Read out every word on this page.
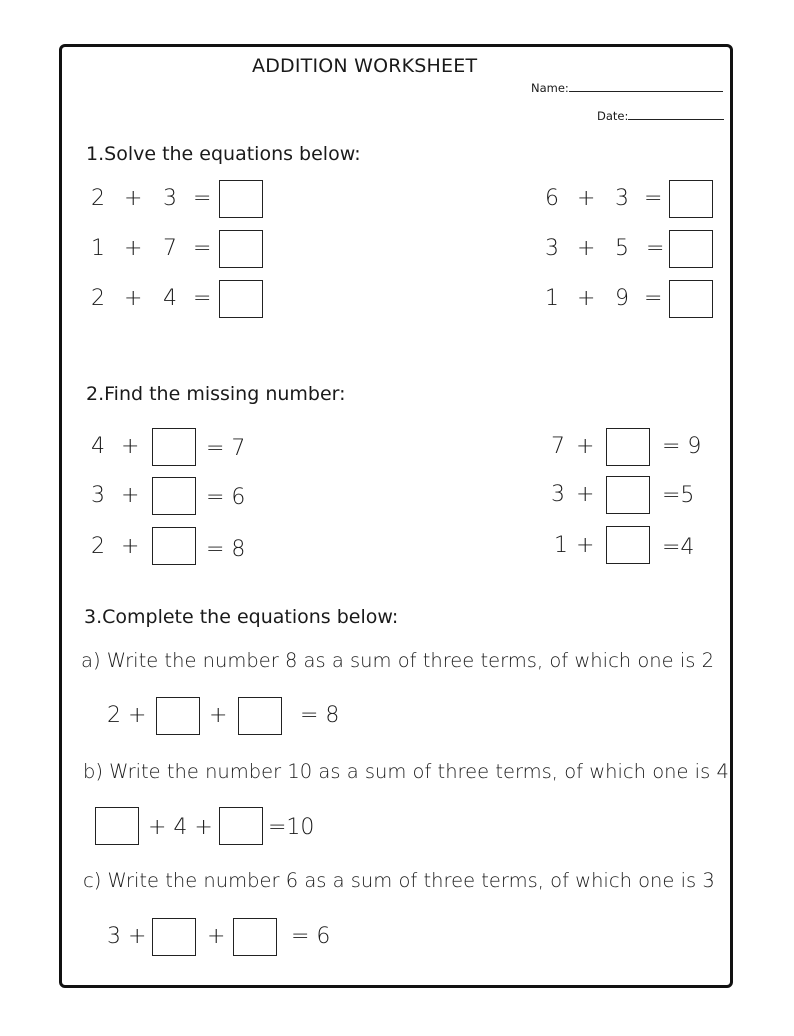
ADDITION WORKSHEET
Name:
Date:
1.Solve the equations below:
2 + 3 =
1 + 7 =
2 + 4 =
6 + 3 =
3 + 5 =
1 + 9 =
2.Find the missing number:
4 +	= 7
3 +	= 6
2 +	= 8
7 +	= 9
3 +	=5
1 +	=4
3.Complete the equations below:
a) Write the number 8 as a sum of three terms, of which one is 2
2 +	+	= 8
b) Write the number 10 as a sum of three terms, of which one is 4
+ 4 +	=10
c) Write the number 6 as a sum of three terms, of which one is 3
3 +	+	= 6
